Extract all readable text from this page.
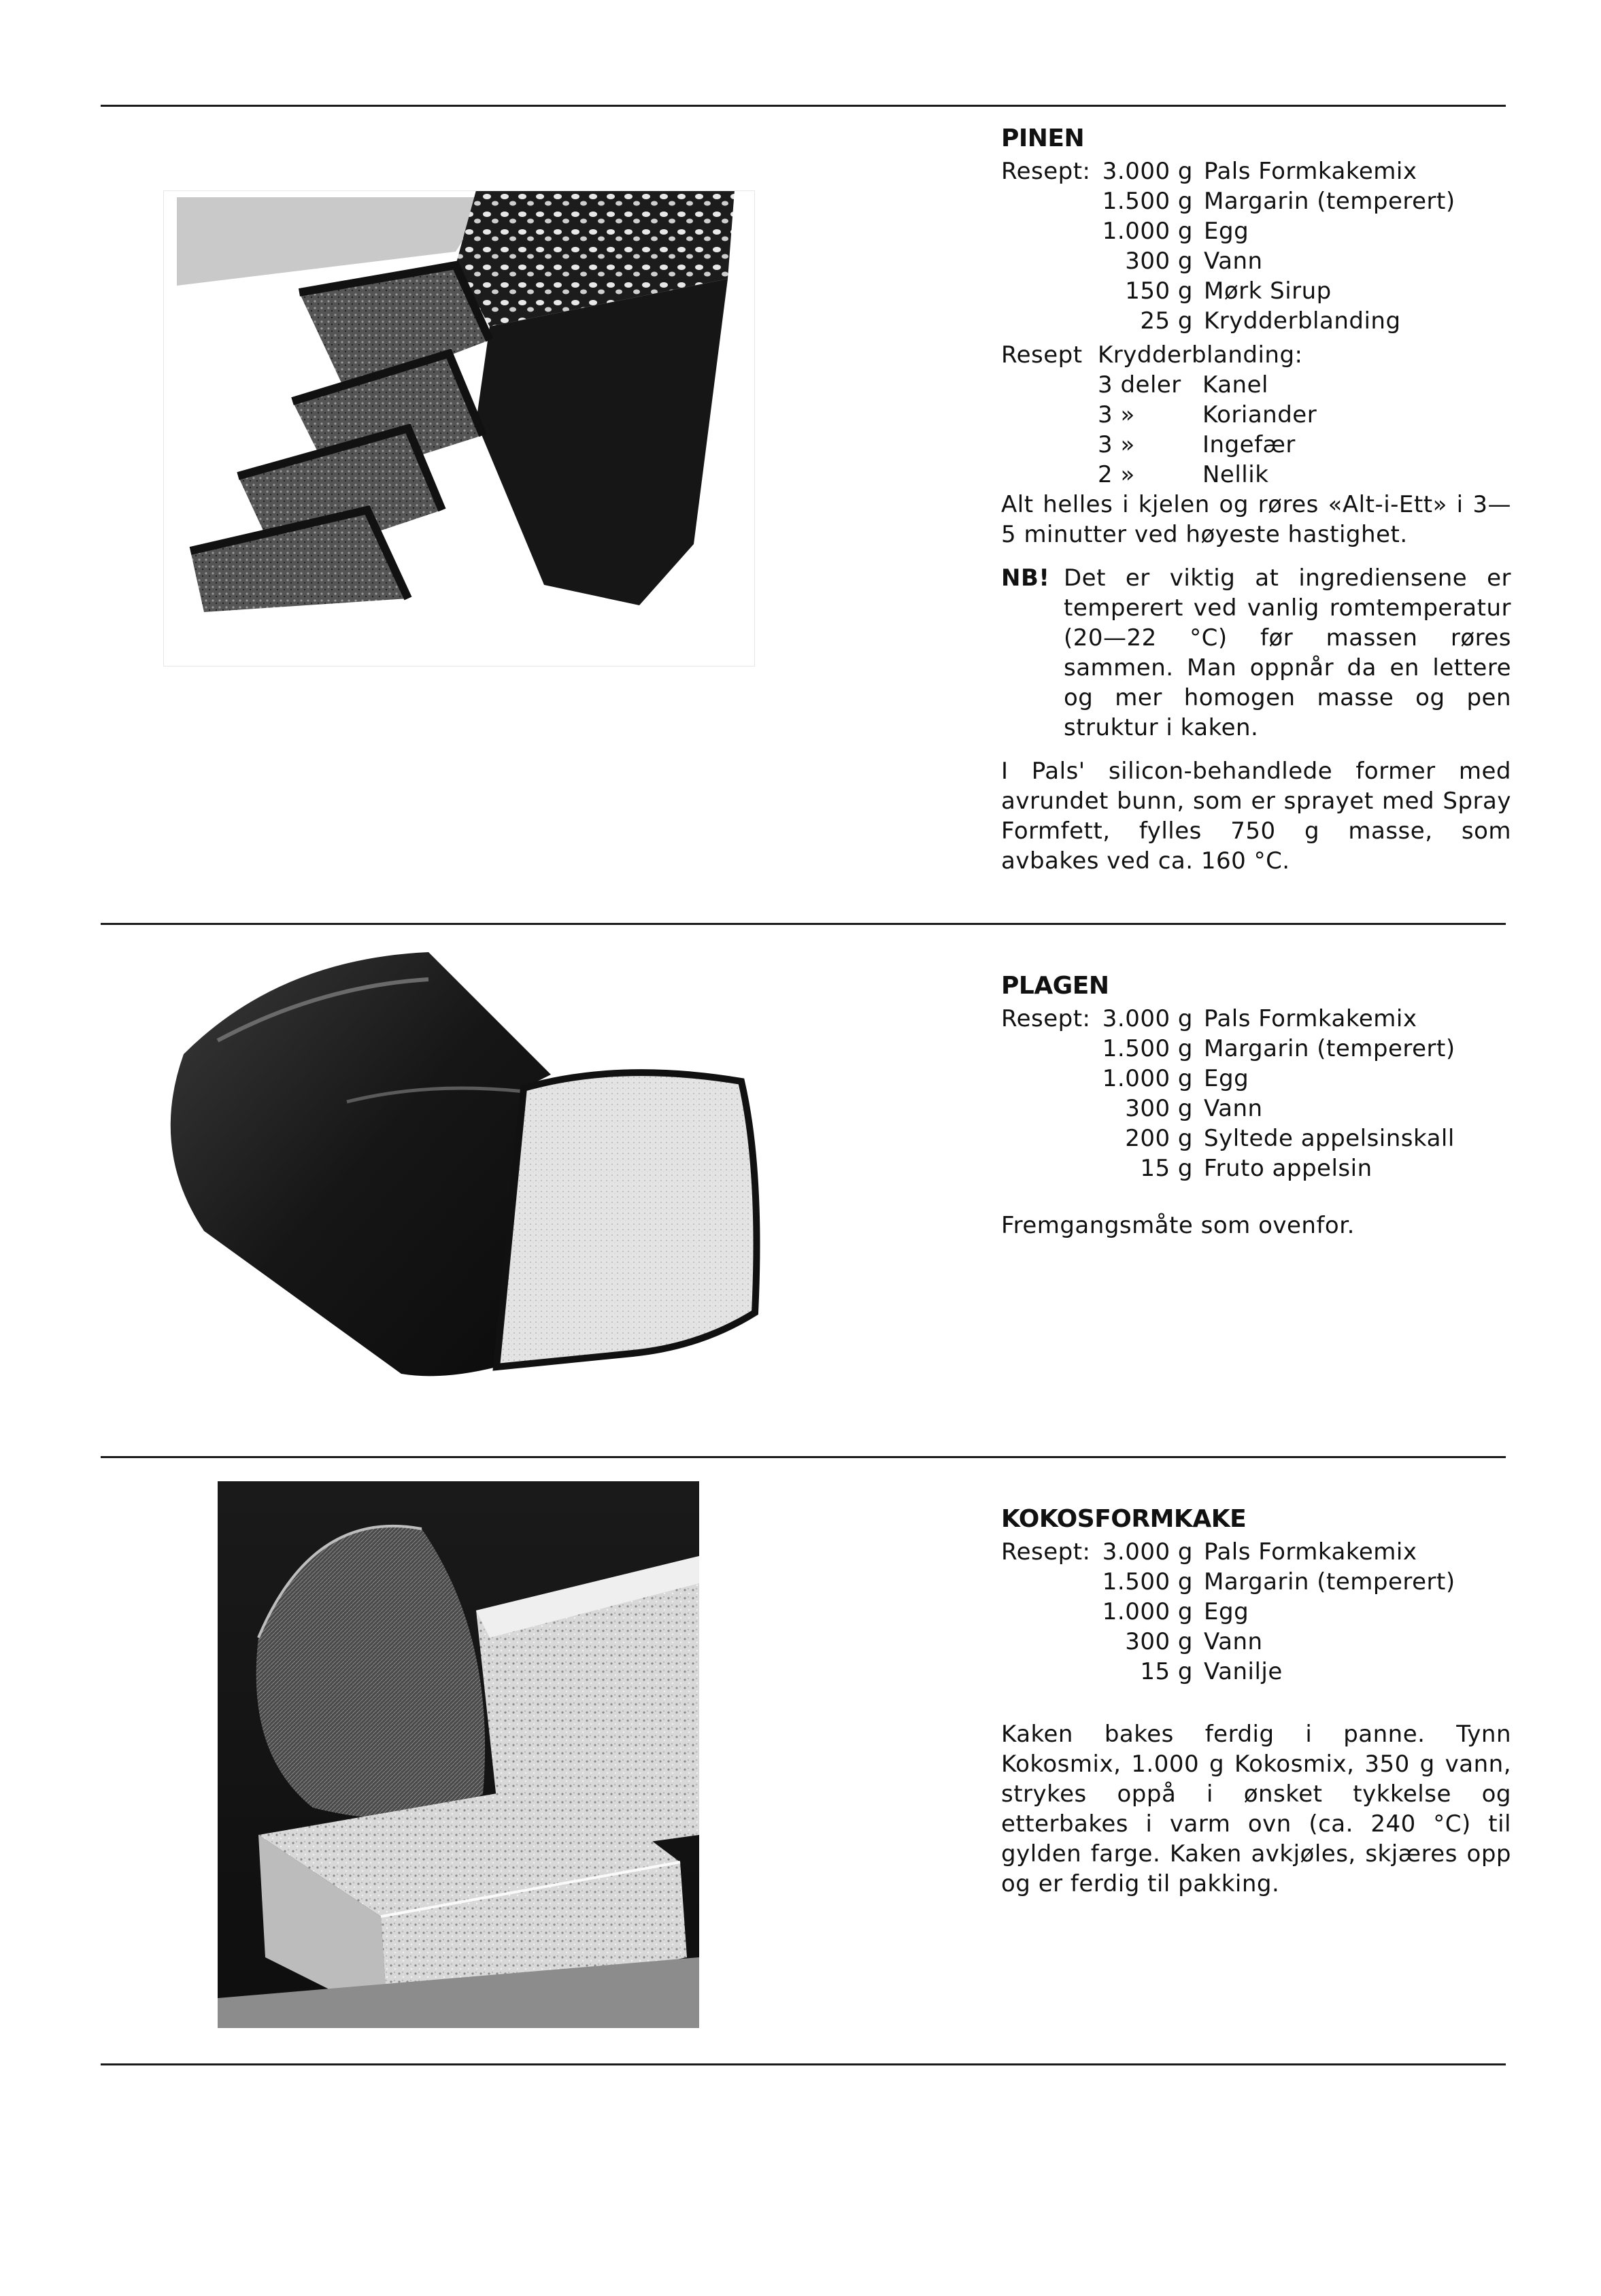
PINEN
Resept: 3.000 g Pals Formkakemix
1.500 g Margarin (temperert)
1.000 g Egg
300 g Vann
150 g Mørk Sirup
25 g Krydderblanding
Resept Krydderblanding:
3 deler Kanel
3 »	Koriander
3 »	Ingefær
2 »	Nellik
Alt helles i kjelen og røres «Alt-i-Ett» i 3—5 minutter ved høyeste hastighet.
NB! Det er viktig at ingrediensene er temperert ved vanlig romtemperatur (20—22 °C) før massen røres sammen. Man oppnår da en lettere og mer homogen masse og pen struktur i kaken.
I Pals' silicon-behandlede former med avrundet bunn, som er sprayet med Spray Formfett, fylles 750 g masse, som avbakes ved ca. 160 °C.
PLAGEN
Resept: 3.000 g Pals Formkakemix
1.500 g Margarin (temperert)
1.000 g Egg
300 g Vann
200 g Syltede appelsinskall
15 g Fruto appelsin
Fremgangsmåte som ovenfor.
KOKOSFORMKAKE
Resept: 3.000 g Pals Formkakemix
1.500 g Margarin (temperert)
1.000 g Egg
300 g Vann
15 g Vanilje
Kaken bakes ferdig i panne. Tynn Kokosmix, 1.000 g Kokosmix, 350 g vann, strykes oppå i ønsket tykkelse og etterbakes i varm ovn (ca. 240 °C) til gylden farge. Kaken avkjøles, skjæres opp og er ferdig til pakking.
